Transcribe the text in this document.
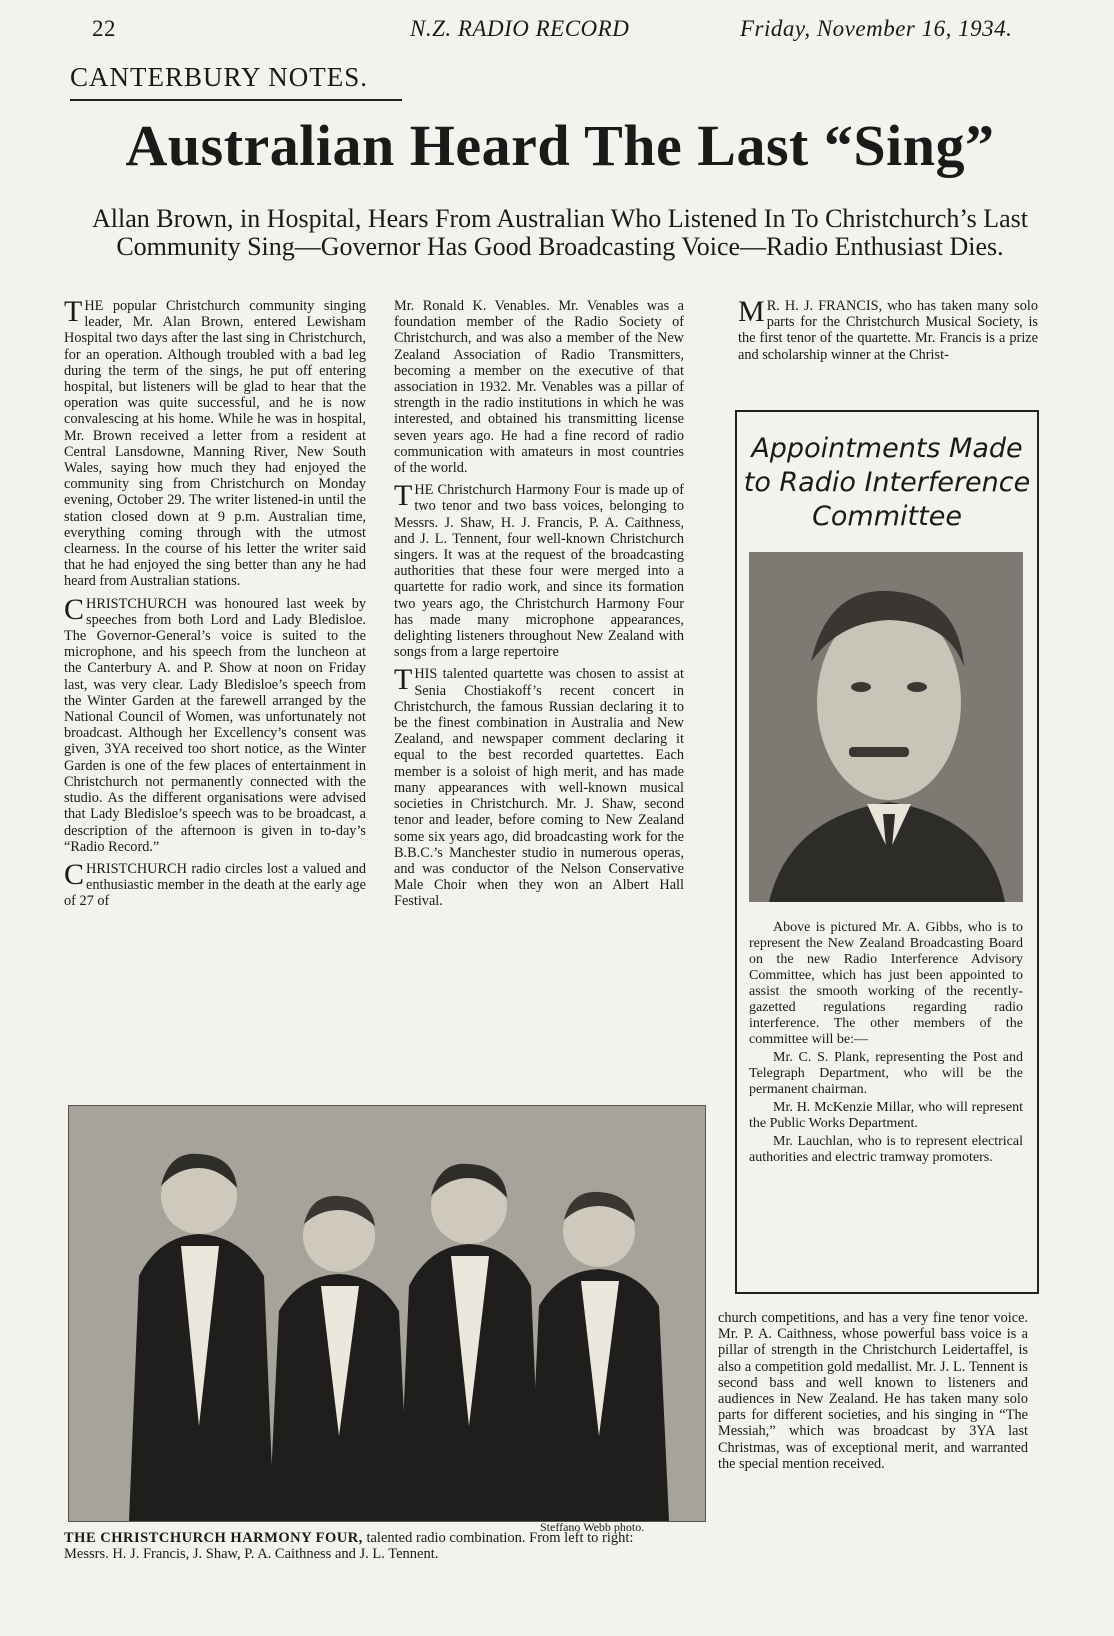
22	N.Z. RADIO RECORD	Friday, November 16, 1934.
CANTERBURY NOTES.
Australian Heard The Last “Sing”
Allan Brown, in Hospital, Hears From Australian Who Listened In To Christchurch’s Last Community Sing—Governor Has Good Broadcasting Voice—Radio Enthusiast Dies.

THE popular Christchurch community singing leader, Mr. Alan Brown, entered Lewisham Hospital two days after the last sing in Christchurch, for an operation. Although troubled with a bad leg during the term of the sings, he put off entering hospital, but listeners will be glad to hear that the operation was quite successful, and he is now convalescing at his home. While he was in hospital, Mr. Brown received a letter from a resident at Central Lansdowne, Manning River, New South Wales, saying how much they had enjoyed the community sing from Christchurch on Monday evening, October 29. The writer listened-in until the station closed down at 9 p.m. Australian time, everything coming through with the utmost clearness. In the course of his letter the writer said that he had enjoyed the sing better than any he had heard from Australian stations.

CHRISTCHURCH was honoured last week by speeches from both Lord and Lady Bledisloe. The Governor-General’s voice is suited to the microphone, and his speech from the luncheon at the Canterbury A. and P. Show at noon on Friday last, was very clear. Lady Bledisloe’s speech from the Winter Garden at the farewell arranged by the National Council of Women, was unfortunately not broadcast. Although her Excellency’s consent was given, 3YA received too short notice, as the Winter Garden is one of the few places of entertainment in Christchurch not permanently connected with the studio. As the different organisations were advised that Lady Bledisloe’s speech was to be broadcast, a description of the afternoon is given in to-day’s “Radio Record.”

CHRISTCHURCH radio circles lost a valued and enthusiastic member in the death at the early age of 27 of

Mr. Ronald K. Venables. Mr. Venables was a foundation member of the Radio Society of Christchurch, and was also a member of the New Zealand Association of Radio Transmitters, becoming a member on the executive of that association in 1932. Mr. Venables was a pillar of strength in the radio institutions in which he was interested, and obtained his transmitting license seven years ago. He had a fine record of radio communication with amateurs in most countries of the world.

THE Christchurch Harmony Four is made up of two tenor and two bass voices, belonging to Messrs. J. Shaw, H. J. Francis, P. A. Caithness, and J. L. Tennent, four well-known Christchurch singers. It was at the request of the broadcasting authorities that these four were merged into a quartette for radio work, and since its formation two years ago, the Christchurch Harmony Four has made many microphone appearances, delighting listeners throughout New Zealand with songs from a large repertoire

THIS talented quartette was chosen to assist at Senia Chostiakoff’s recent concert in Christchurch, the famous Russian declaring it to be the finest combination in Australia and New Zealand, and newspaper comment declaring it equal to the best recorded quartettes. Each member is a soloist of high merit, and has made many appearances with well-known musical societies in Christchurch. Mr. J. Shaw, second tenor and leader, before coming to New Zealand some six years ago, did broadcasting work for the B.B.C.’s Manchester studio in numerous operas, and was conductor of the Nelson Conservative Male Choir when they won an Albert Hall Festival.

MR. H. J. FRANCIS, who has taken many solo parts for the Christchurch Musical Society, is the first tenor of the quartette. Mr. Francis is a prize and scholarship winner at the Christ-

Appointments Made to Radio Interference Committee

Above is pictured Mr. A. Gibbs, who is to represent the New Zealand Broadcasting Board on the new Radio Interference Advisory Committee, which has just been appointed to assist the smooth working of the recently-gazetted regulations regarding radio interference. The other members of the committee will be:—

Mr. C. S. Plank, representing the Post and Telegraph Department, who will be the permanent chairman.

Mr. H. McKenzie Millar, who will represent the Public Works Department.

Mr. Lauchlan, who is to represent electrical authorities and electric tramway promoters.

church competitions, and has a very fine tenor voice. Mr. P. A. Caithness, whose powerful bass voice is a pillar of strength in the Christchurch Leidertaffel, is also a competition gold medallist. Mr. J. L. Tennent is second bass and well known to listeners and audiences in New Zealand. He has taken many solo parts for different societies, and his singing in “The Messiah,” which was broadcast by 3YA last Christmas, was of exceptional merit, and warranted the special mention received.

Steffano Webb photo.
THE CHRISTCHURCH HARMONY FOUR, talented radio combination. From left to right: Messrs. H. J. Francis, J. Shaw, P. A. Caithness and J. L. Tennent.
